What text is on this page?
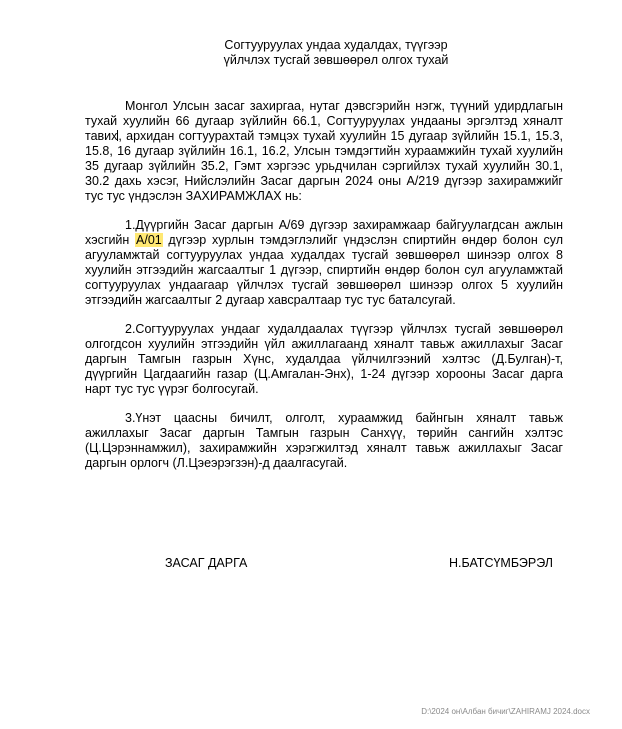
Согтууруулах ундаа худалдах, түүгээр
үйлчлэх тусгай зөвшөөрөл олгох тухай

Монгол Улсын засаг захиргаа, нутаг дэвсгэрийн нэгж, түүний удирдлагын тухай хуулийн 66 дугаар зүйлийн 66.1, Согтууруулах ундааны эргэлтэд хяналт тавих, архидан согтуурахтай тэмцэх тухай хуулийн 15 дугаар зүйлийн 15.1, 15.3, 15.8, 16 дугаар зүйлийн 16.1, 16.2, Улсын тэмдэгтийн хураамжийн тухай хуулийн 35 дугаар зүйлийн 35.2, Гэмт хэргээс урьдчилан сэргийлэх тухай хуулийн 30.1, 30.2 дахь хэсэг, Нийслэлийн Засаг даргын 2024 оны А/219 дүгээр захирамжийг тус тус үндэслэн ЗАХИРАМЖЛАХ нь:

1.Дүүргийн Засаг даргын А/69 дүгээр захирамжаар байгуулагдсан ажлын хэсгийн А/01 дүгээр хурлын тэмдэглэлийг үндэслэн спиртийн өндөр болон сул агууламжтай согтууруулах ундаа худалдах тусгай зөвшөөрөл шинээр олгох 8 хуулийн этгээдийн жагсаалтыг 1 дүгээр, спиртийн өндөр болон сул агууламжтай согтууруулах ундаагаар үйлчлэх тусгай зөвшөөрөл шинээр олгох 5 хуулийн этгээдийн жагсаалтыг 2 дугаар хавсралтаар тус тус баталсугай.

2.Согтууруулах ундааг худалдаалах түүгээр үйлчлэх тусгай зөвшөөрөл олгогдсон хуулийн этгээдийн үйл ажиллагаанд хяналт тавьж ажиллахыг Засаг даргын Тамгын газрын Хүнс, худалдаа үйлчилгээний хэлтэс (Д.Булган)-т, дүүргийн Цагдаагийн газар (Ц.Амгалан-Энх), 1-24 дүгээр хорооны Засаг дарга нарт тус тус үүрэг болгосугай.

3.Үнэт цаасны бичилт, олголт, хураамжид байнгын хяналт тавьж ажиллахыг Засаг даргын Тамгын газрын Санхүү, төрийн сангийн хэлтэс (Ц.Цэрэннамжил), захирамжийн хэрэгжилтэд хяналт тавьж ажиллахыг Засаг даргын орлогч (Л.Цэеэрэгзэн)-д даалгасугай.

ЗАСАГ ДАРГА	Н.БАТСҮМБЭРЭЛ
D:\2024 он\Албан бичиг\ZAHIRAMJ 2024.docx
